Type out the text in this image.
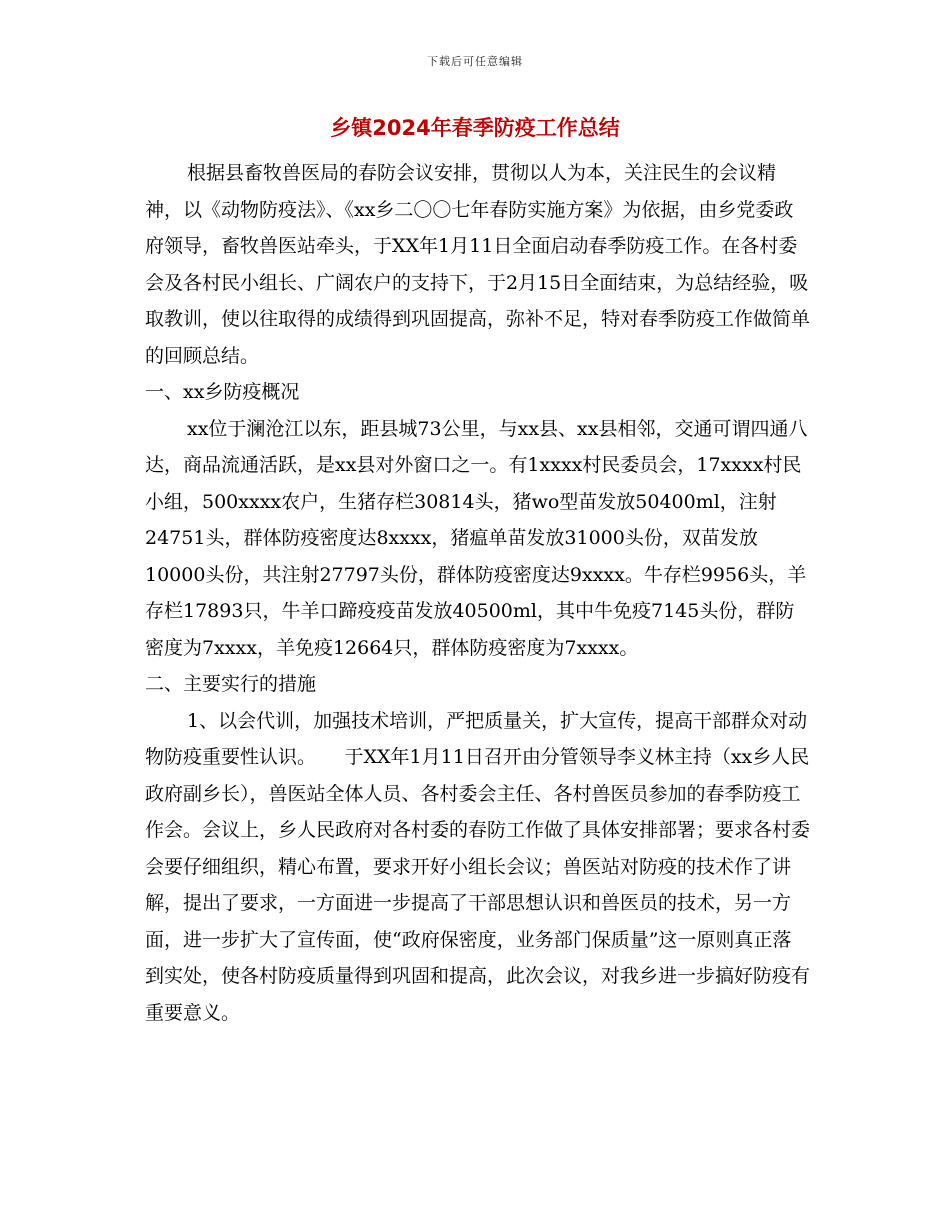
下载后可任意编辑
乡镇2024年春季防疫工作总结

根据县畜牧兽医局的春防会议安排，贯彻以人为本，关注民生的会议精神，以《动物防疫法》、《xx乡二〇〇七年春防实施方案》为依据，由乡党委政府领导，畜牧兽医站牵头，于XX年1月11日全面启动春季防疫工作。在各村委会及各村民小组长、广阔农户的支持下，于2月15日全面结束，为总结经验，吸取教训，使以往取得的成绩得到巩固提高，弥补不足，特对春季防疫工作做简单的回顾总结。

一、xx乡防疫概况

xx位于澜沧江以东，距县城73公里，与xx县、xx县相邻，交通可谓四通八达，商品流通活跃，是xx县对外窗口之一。有1xxxx村民委员会，17xxxx村民小组，500xxxx农户，生猪存栏30814头，猪wo型苗发放50400ml，注射24751头，群体防疫密度达8xxxx，猪瘟单苗发放31000头份，双苗发放10000头份，共注射27797头份，群体防疫密度达9xxxx。牛存栏9956头，羊存栏17893只，牛羊口蹄疫疫苗发放40500ml，其中牛免疫7145头份，群防密度为7xxxx，羊免疫12664只，群体防疫密度为7xxxx。

二、主要实行的措施

1、以会代训，加强技术培训，严把质量关，扩大宣传，提高干部群众对动物防疫重要性认识。　　于XX年1月11日召开由分管领导李义林主持（xx乡人民政府副乡长），兽医站全体人员、各村委会主任、各村兽医员参加的春季防疫工作会。会议上，乡人民政府对各村委的春防工作做了具体安排部署；要求各村委会要仔细组织，精心布置，要求开好小组长会议；兽医站对防疫的技术作了讲解，提出了要求，一方面进一步提高了干部思想认识和兽医员的技术，另一方面，进一步扩大了宣传面，使“政府保密度，业务部门保质量”这一原则真正落到实处，使各村防疫质量得到巩固和提高，此次会议，对我乡进一步搞好防疫有重要意义。
